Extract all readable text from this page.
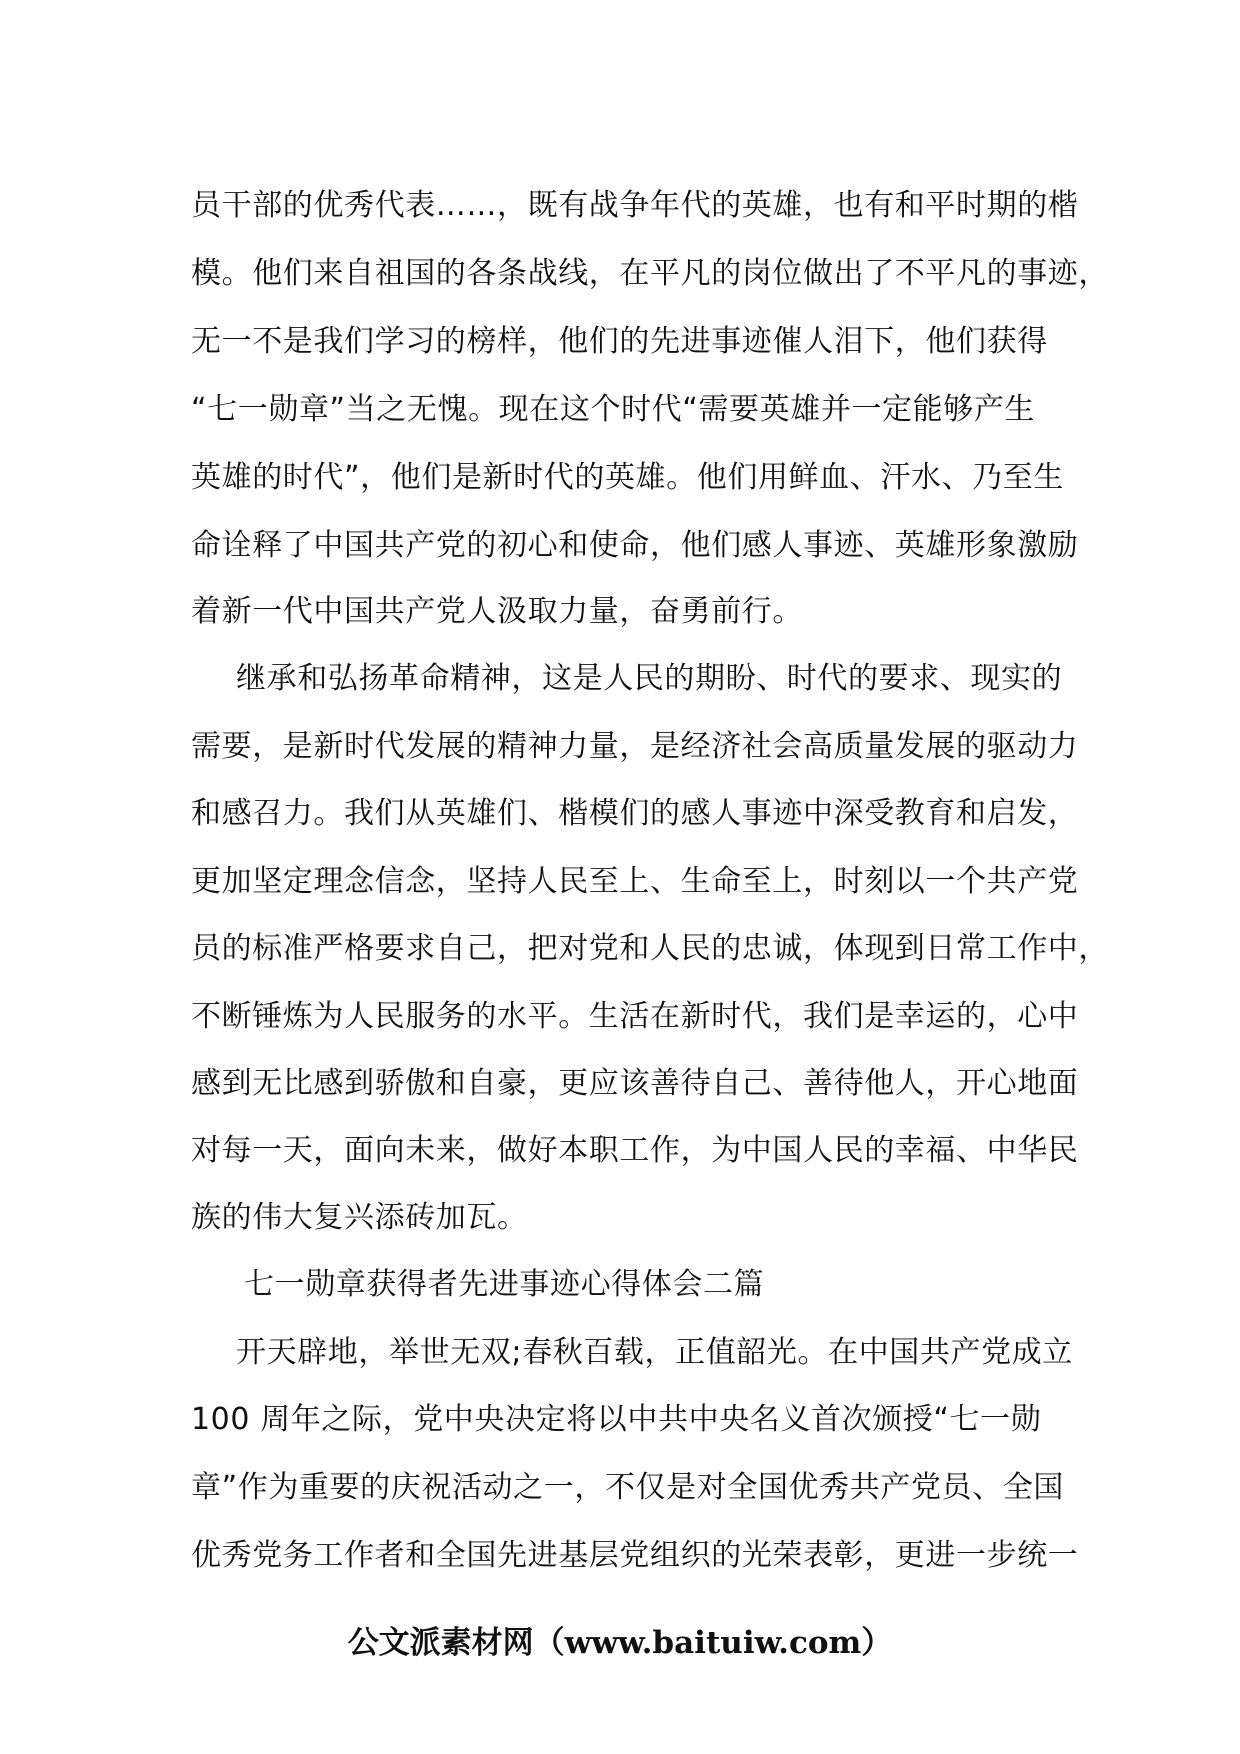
员干部的优秀代表……，既有战争年代的英雄，也有和平时期的楷
模。他们来自祖国的各条战线，在平凡的岗位做出了不平凡的事迹，
无一不是我们学习的榜样，他们的先进事迹催人泪下，他们获得
“七一勋章”当之无愧。现在这个时代“需要英雄并一定能够产生
英雄的时代”，他们是新时代的英雄。他们用鲜血、汗水、乃至生
命诠释了中国共产党的初心和使命，他们感人事迹、英雄形象激励
着新一代中国共产党人汲取力量，奋勇前行。
继承和弘扬革命精神，这是人民的期盼、时代的要求、现实的
需要，是新时代发展的精神力量，是经济社会高质量发展的驱动力
和感召力。我们从英雄们、楷模们的感人事迹中深受教育和启发，
更加坚定理念信念，坚持人民至上、生命至上，时刻以一个共产党
员的标准严格要求自己，把对党和人民的忠诚，体现到日常工作中，
不断锤炼为人民服务的水平。生活在新时代，我们是幸运的，心中
感到无比感到骄傲和自豪，更应该善待自己、善待他人，开心地面
对每一天，面向未来，做好本职工作，为中国人民的幸福、中华民
族的伟大复兴添砖加瓦。
七一勋章获得者先进事迹心得体会二篇
开天辟地，举世无双;春秋百载，正值韶光。在中国共产党成立
100 周年之际，党中央决定将以中共中央名义首次颁授“七一勋
章”作为重要的庆祝活动之一，不仅是对全国优秀共产党员、全国
优秀党务工作者和全国先进基层党组织的光荣表彰，更进一步统一
公文派素材网（www.baituiw.com）
